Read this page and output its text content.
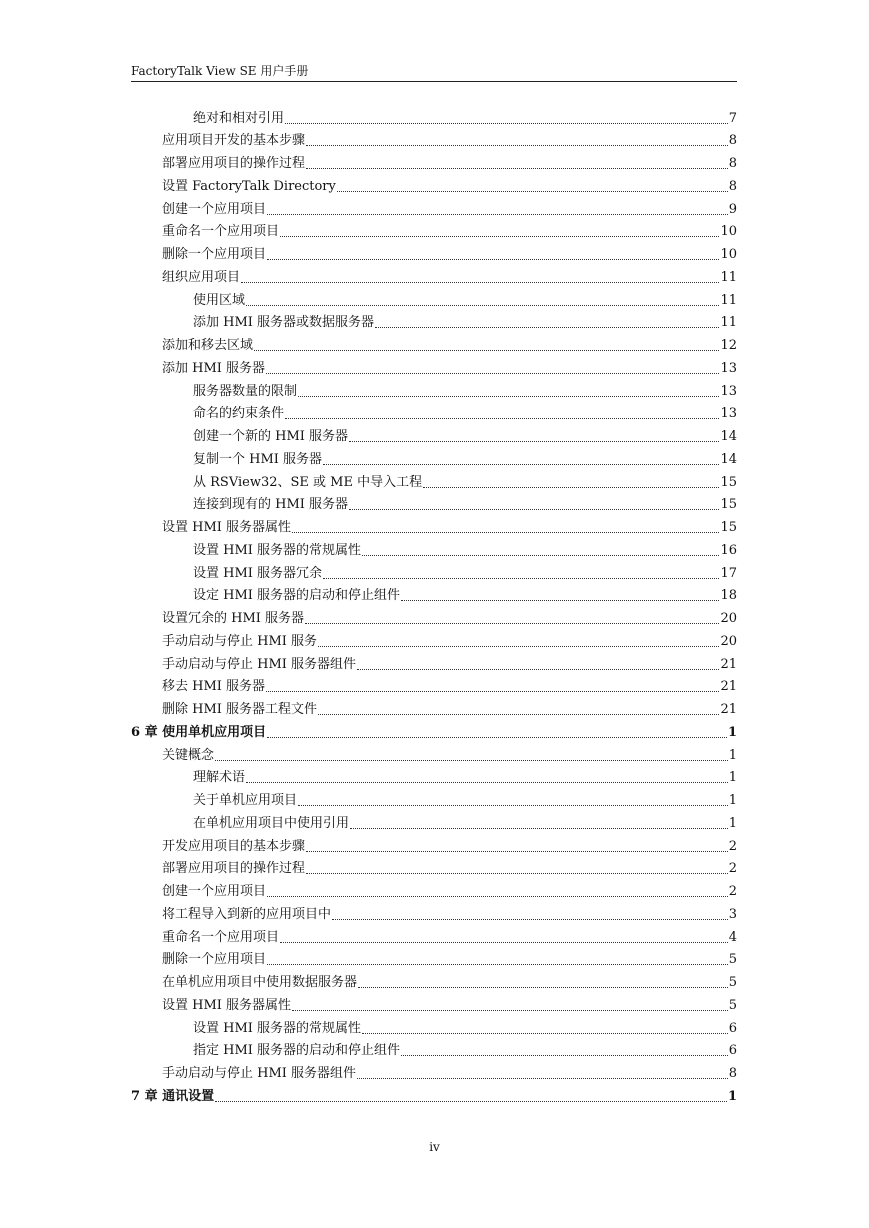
FactoryTalk View SE 用户手册
绝对和相对引用	7
应用项目开发的基本步骤	8
部署应用项目的操作过程	8
设置 FactoryTalk Directory	8
创建一个应用项目	9
重命名一个应用项目	10
删除一个应用项目	10
组织应用项目	11
使用区域	11
添加 HMI 服务器或数据服务器	11
添加和移去区域	12
添加 HMI 服务器	13
服务器数量的限制	13
命名的约束条件	13
创建一个新的 HMI 服务器	14
复制一个 HMI 服务器	14
从 RSView32、SE 或 ME 中导入工程	15
连接到现有的 HMI 服务器	15
设置 HMI 服务器属性	15
设置 HMI 服务器的常规属性	16
设置 HMI 服务器冗余	17
设定 HMI 服务器的启动和停止组件	18
设置冗余的 HMI 服务器	20
手动启动与停止 HMI 服务	20
手动启动与停止 HMI 服务器组件	21
移去 HMI 服务器	21
删除 HMI 服务器工程文件	21
6 章 使用单机应用项目	1
关键概念	1
理解术语	1
关于单机应用项目	1
在单机应用项目中使用引用	1
开发应用项目的基本步骤	2
部署应用项目的操作过程	2
创建一个应用项目	2
将工程导入到新的应用项目中	3
重命名一个应用项目	4
删除一个应用项目	5
在单机应用项目中使用数据服务器	5
设置 HMI 服务器属性	5
设置 HMI 服务器的常规属性	6
指定 HMI 服务器的启动和停止组件	6
手动启动与停止 HMI 服务器组件	8
7 章 通讯设置	1
iv
